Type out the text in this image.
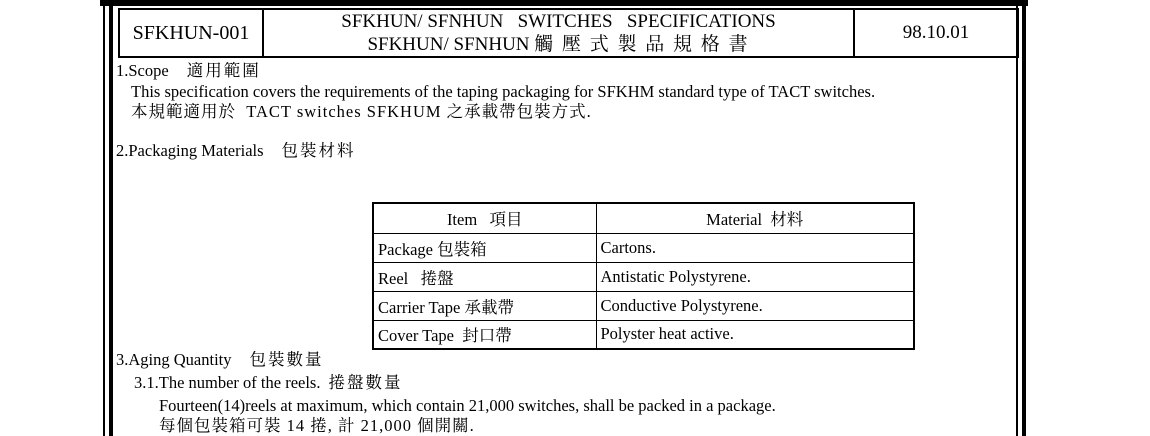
SFKHUN-001	SFKHUN/ SFNHUN   SWITCHES   SPECIFICATIONS
SFKHUN/ SFNHUN 觸 壓 式 製 品 規 格 書
98.10.01
1.Scope 適用範圍
This specification covers the requirements of the taping packaging for SFKHM standard type of TACT switches.
本規範適用於  TACT switches SFKHUM 之承載帶包裝方式.
2.Packaging Materials 包裝材料
Item   項目	Material  材料
Package 包裝箱	Cartons.
Reel   捲盤	Antistatic Polystyrene.
Carrier Tape 承載帶	Conductive Polystyrene.
Cover Tape  封口帶	Polyster heat active.
3.Aging Quantity 包裝數量
3.1.The number of the reels. 捲盤數量
Fourteen(14)reels at maximum, which contain 21,000 switches, shall be packed in a package.
每個包裝箱可裝 14 捲, 計 21,000 個開關.
